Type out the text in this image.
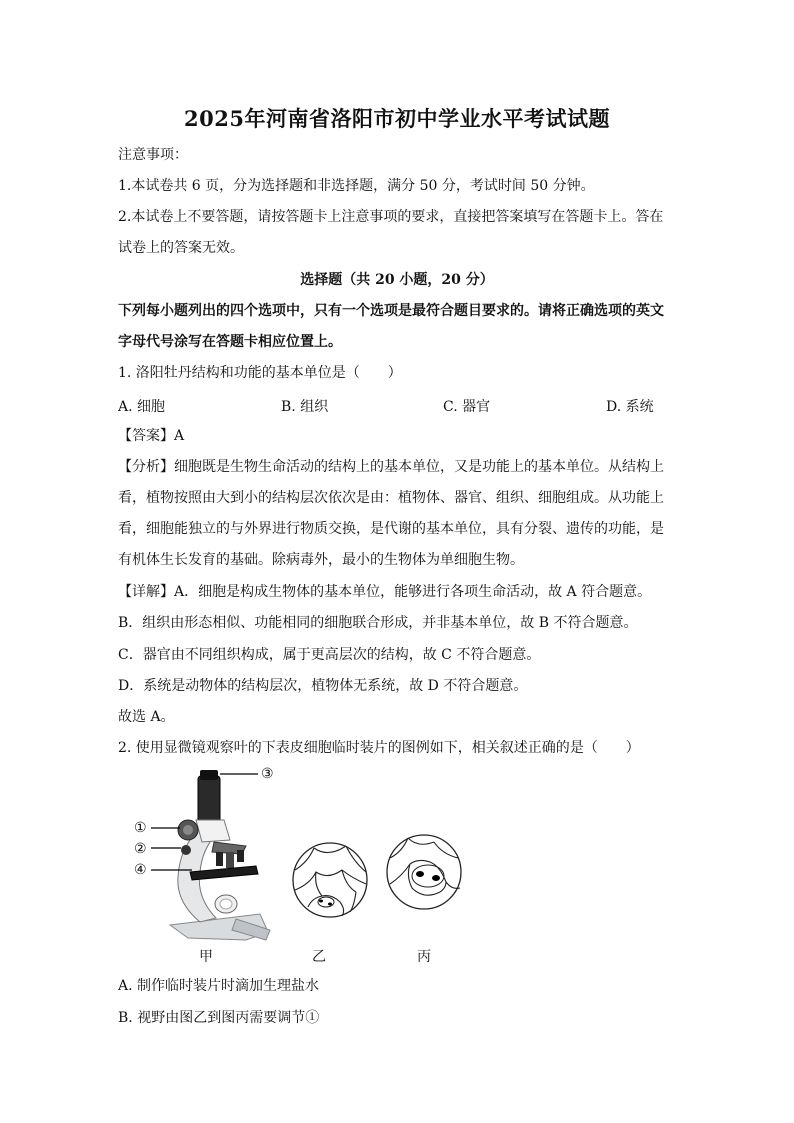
2025年河南省洛阳市初中学业水平考试试题
注意事项：
1.本试卷共 6 页，分为选择题和非选择题，满分 50 分，考试时间 50 分钟。
2.本试卷上不要答题，请按答题卡上注意事项的要求，直接把答案填写在答题卡上。答在
试卷上的答案无效。
选择题（共 20 小题，20 分）
下列每小题列出的四个选项中，只有一个选项是最符合题目要求的。请将正确选项的英文
字母代号涂写在答题卡相应位置上。
1. 洛阳牡丹结构和功能的基本单位是（　　）
A. 细胞	B. 组织	C. 器官	D. 系统
【答案】A
【分析】细胞既是生物生命活动的结构上的基本单位，又是功能上的基本单位。从结构上
看，植物按照由大到小的结构层次依次是由：植物体、器官、组织、细胞组成。从功能上
看，细胞能独立的与外界进行物质交换，是代谢的基本单位，具有分裂、遗传的功能，是
有机体生长发育的基础。除病毒外，最小的生物体为单细胞生物。
【详解】A．细胞是构成生物体的基本单位，能够进行各项生命活动，故 A 符合题意。
B．组织由形态相似、功能相同的细胞联合形成，并非基本单位，故 B 不符合题意。
C．器官由不同组织构成，属于更高层次的结构，故 C 不符合题意。
D．系统是动物体的结构层次，植物体无系统，故 D 不符合题意。
故选 A。
2. 使用显微镜观察叶的下表皮细胞临时装片的图例如下，相关叙述正确的是（　　）
③
①
②
④
甲	乙	丙
A. 制作临时装片时滴加生理盐水
B. 视野由图乙到图丙需要调节①
